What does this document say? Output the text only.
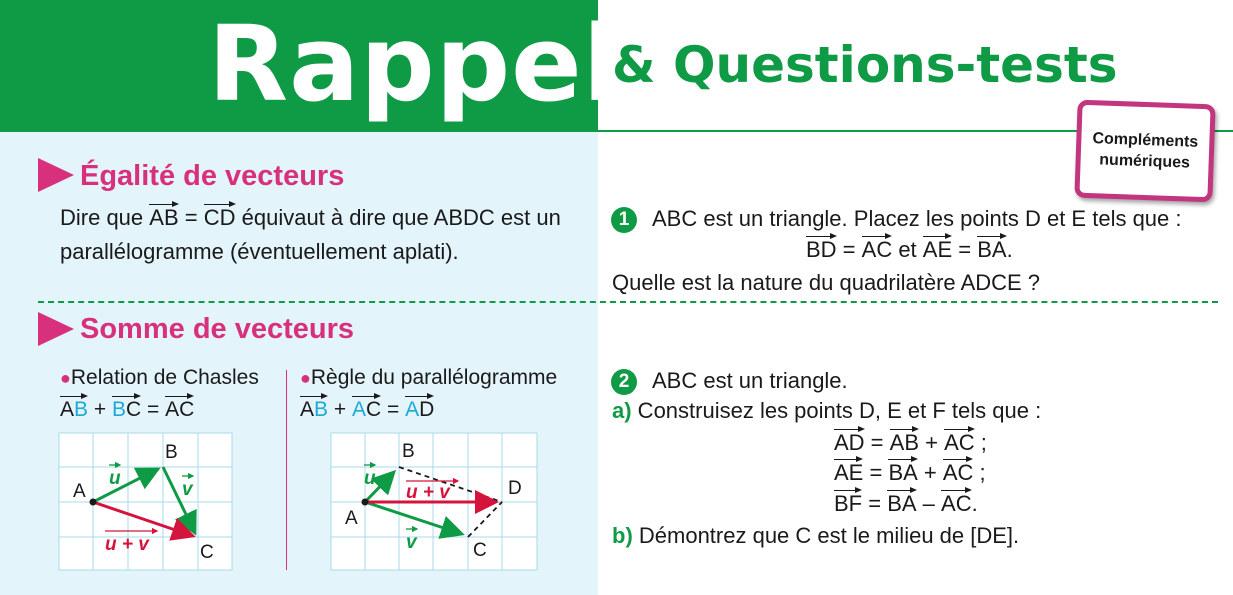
Rappels
& Questions-tests
Compléments
numériques
Égalité de vecteurs
Dire que AB = CD équivaut à dire que ABDC est un
parallélogramme (éventuellement aplati).
Somme de vecteurs
●Relation de Chasles
AB + BC = AC
●Règle du parallélogramme
AB + AC = AD
A
B
C
u
v
u + v
A
B
C
D
u
u + v
v
1	ABC est un triangle. Placez les points D et E tels que :
BD = AC et AE = BA.
Quelle est la nature du quadrilatère ADCE ?
2	ABC est un triangle.
a) Construisez les points D, E et F tels que :
AD = AB + AC ;
AE = BA + AC ;
BF = BA – AC.
b) Démontrez que C est le milieu de [DE].
